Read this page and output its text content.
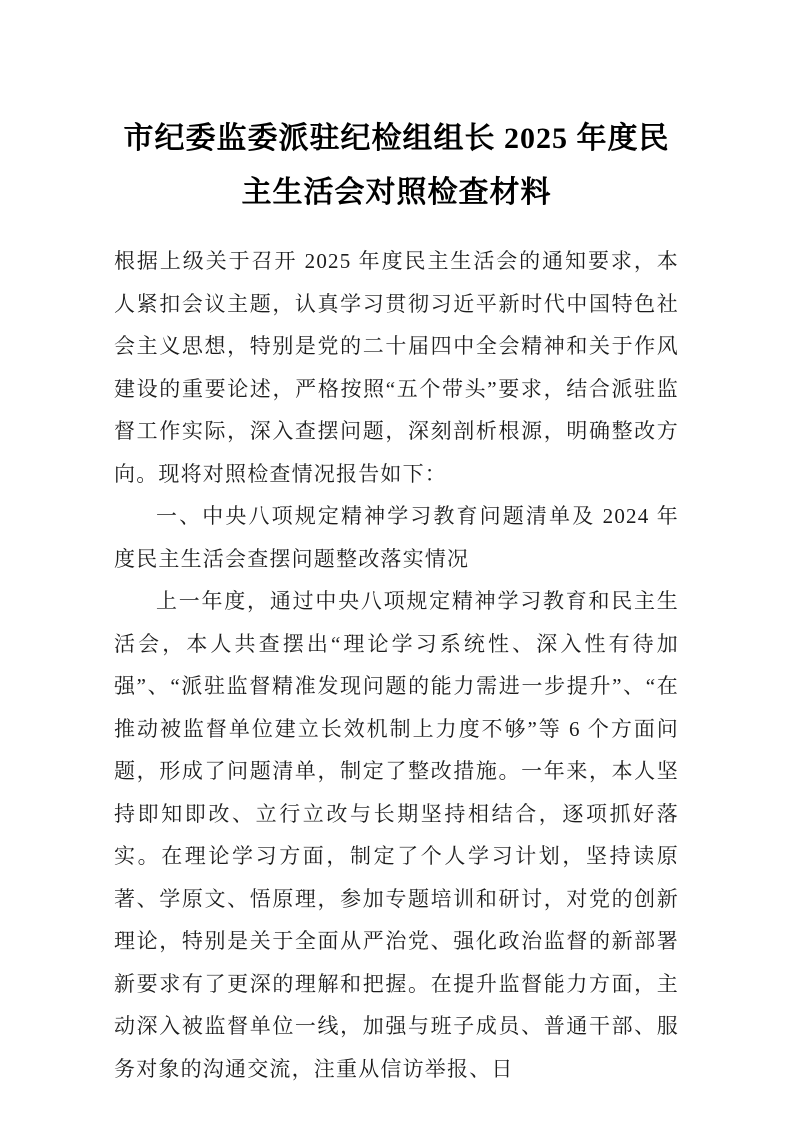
市纪委监委派驻纪检组组长 2025 年度民主生活会对照检查材料

根据上级关于召开 2025 年度民主生活会的通知要求，本人紧扣会议主题，认真学习贯彻习近平新时代中国特色社会主义思想，特别是党的二十届四中全会精神和关于作风建设的重要论述，严格按照“五个带头”要求，结合派驻监督工作实际，深入查摆问题，深刻剖析根源，明确整改方向。现将对照检查情况报告如下：

一、中央八项规定精神学习教育问题清单及 2024 年度民主生活会查摆问题整改落实情况

上一年度，通过中央八项规定精神学习教育和民主生活会，本人共查摆出“理论学习系统性、深入性有待加强”、“派驻监督精准发现问题的能力需进一步提升”、“在推动被监督单位建立长效机制上力度不够”等 6 个方面问题，形成了问题清单，制定了整改措施。一年来，本人坚持即知即改、立行立改与长期坚持相结合，逐项抓好落实。在理论学习方面，制定了个人学习计划，坚持读原著、学原文、悟原理，参加专题培训和研讨，对党的创新理论，特别是关于全面从严治党、强化政治监督的新部署新要求有了更深的理解和把握。在提升监督能力方面，主动深入被监督单位一线，加强与班子成员、普通干部、服务对象的沟通交流，注重从信访举报、日
